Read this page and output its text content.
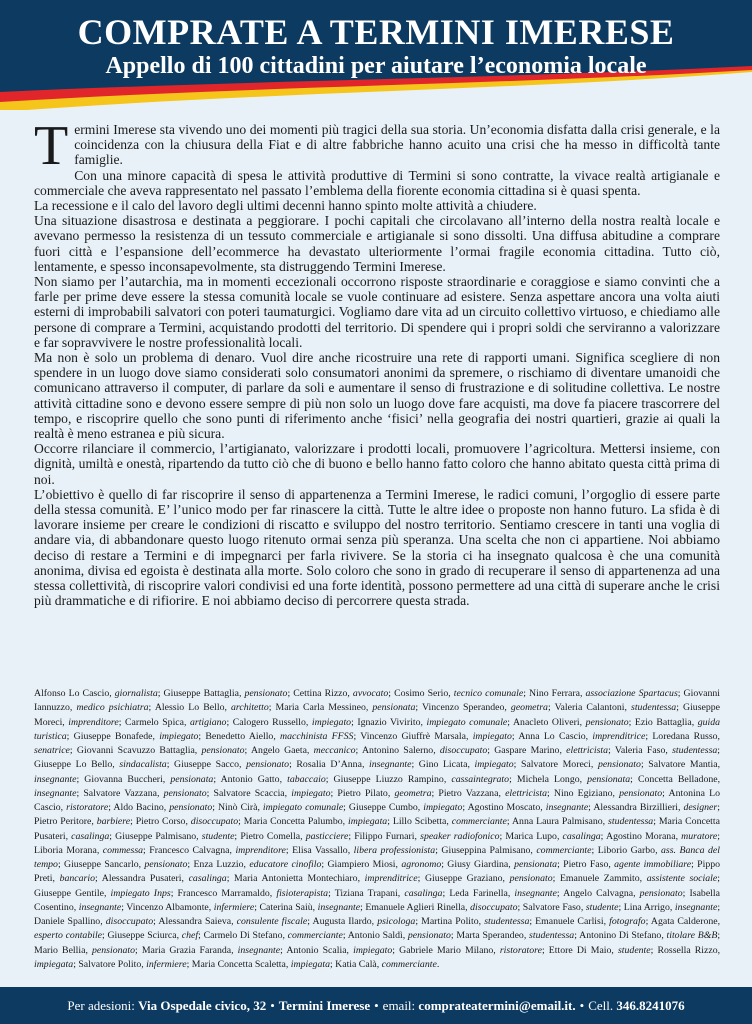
COMPRATE A TERMINI IMERESE
Appello di 100 cittadini per aiutare l’economia locale

Termini Imerese sta vivendo uno dei momenti più tragici della sua storia. Un’economia disfatta dalla crisi generale, e la coincidenza con la chiusura della Fiat e di altre fabbriche hanno acuito una crisi che ha messo in difficoltà tante famiglie.

Con una minore capacità di spesa le attività produttive di Termini si sono contratte, la vivace realtà artigianale e commerciale che aveva rappresentato nel passato l’emblema della fiorente economia cittadina si è quasi spenta.

La recessione e il calo del lavoro degli ultimi decenni hanno spinto molte attività a chiudere.

Una situazione disastrosa e destinata a peggiorare. I pochi capitali che circolavano all’interno della nostra realtà locale e avevano permesso la resistenza di un tessuto commerciale e artigianale si sono dissolti. Una diffusa abitudine a comprare fuori città e l’espansione dell’ecommerce ha devastato ulteriormente l’ormai fragile economia cittadina. Tutto ciò, lentamente, e spesso inconsapevolmente, sta distruggendo Termini Imerese.

Non siamo per l’autarchia, ma in momenti eccezionali occorrono risposte straordinarie e coraggiose e siamo convinti che a farle per prime deve essere la stessa comunità locale se vuole continuare ad esistere. Senza aspettare ancora una volta aiuti esterni di improbabili salvatori con poteri taumaturgici. Vogliamo dare vita ad un circuito collettivo virtuoso, e chiediamo alle persone di comprare a Termini, acquistando prodotti del territorio. Di spendere qui i propri soldi che serviranno a valorizzare e far sopravvivere le nostre professionalità locali.

Ma non è solo un problema di denaro. Vuol dire anche ricostruire una rete di rapporti umani. Significa scegliere di non spendere in un luogo dove siamo considerati solo consumatori anonimi da spremere, o rischiamo di diventare umanoidi che comunicano attraverso il computer, di parlare da soli e aumentare il senso di frustrazione e di solitudine collettiva. Le nostre attività cittadine sono e devono essere sempre di più non solo un luogo dove fare acquisti, ma dove fa piacere trascorrere del tempo, e riscoprire quello che sono punti di riferimento anche ‘fisici’ nella geografia dei nostri quartieri, grazie ai quali la realtà è meno estranea e più sicura.

Occorre rilanciare il commercio, l’artigianato, valorizzare i prodotti locali, promuovere l’agricoltura. Mettersi insieme, con dignità, umiltà e onestà, ripartendo da tutto ciò che di buono e bello hanno fatto coloro che hanno abitato questa città prima di noi.

L’obiettivo è quello di far riscoprire il senso di appartenenza a Termini Imerese, le radici comuni, l’orgoglio di essere parte della stessa comunità. E’ l’unico modo per far rinascere la città. Tutte le altre idee o proposte non hanno futuro. La sfida è di lavorare insieme per creare le condizioni di riscatto e sviluppo del nostro territorio. Sentiamo crescere in tanti una voglia di andare via, di abbandonare questo luogo ritenuto ormai senza più speranza. Una scelta che non ci appartiene. Noi abbiamo deciso di restare a Termini e di impegnarci per farla rivivere. Se la storia ci ha insegnato qualcosa è che una comunità anonima, divisa ed egoista è destinata alla morte. Solo coloro che sono in grado di recuperare il senso di appartenenza ad una stessa collettività, di riscoprire valori condivisi ed una forte identità, possono permettere ad una città di superare anche le crisi più drammatiche e di rifiorire. E noi abbiamo deciso di percorrere questa strada.

Alfonso Lo Cascio, giornalista; Giuseppe Battaglia, pensionato; Cettina Rizzo, avvocato; Cosimo Serio, tecnico comunale; Nino Ferrara, associazione Spartacus; Giovanni Iannuzzo, medico psichiatra; Alessio Lo Bello, architetto; Maria Carla Messineo, pensionata; Vincenzo Sperandeo, geometra; Valeria Calantoni, studentessa; Giuseppe Moreci, imprenditore; Carmelo Spica, artigiano; Calogero Russello, impiegato; Ignazio Vivirito, impiegato comunale; Anacleto Oliveri, pensionato; Ezio Battaglia, guida turistica; Giuseppe Bonafede, impiegato; Benedetto Aiello, macchinista FFSS; Vincenzo Giuffrè Marsala, impiegato; Anna Lo Cascio, imprenditrice; Loredana Russo, senatrice; Giovanni Scavuzzo Battaglia, pensionato; Angelo Gaeta, meccanico; Antonino Salerno, disoccupato; Gaspare Marino, elettricista; Valeria Faso, studentessa; Giuseppe Lo Bello, sindacalista; Giuseppe Sacco, pensionato; Rosalia D’Anna, insegnante; Gino Licata, impiegato; Salvatore Moreci, pensionato; Salvatore Mantia, insegnante; Giovanna Buccheri, pensionata; Antonio Gatto, tabaccaio; Giuseppe Liuzzo Rampino, cassaintegrato; Michela Longo, pensionata; Concetta Belladone, insegnante; Salvatore Vazzana, pensionato; Salvatore Scaccia, impiegato; Pietro Pilato, geometra; Pietro Vazzana, elettricista; Nino Egiziano, pensionato; Antonina Lo Cascio, ristoratore; Aldo Bacino, pensionato; Ninò Cirà, impiegato comunale; Giuseppe Cumbo, impiegato; Agostino Moscato, insegnante; Alessandra Birzillieri, designer; Pietro Peritore, barbiere; Pietro Corso, disoccupato; Maria Concetta Palumbo, impiegata; Lillo Scibetta, commerciante; Anna Laura Palmisano, studentessa; Maria Concetta Pusateri, casalinga; Giuseppe Palmisano, studente; Pietro Comella, pasticciere; Filippo Furnari, speaker radiofonico; Marica Lupo, casalinga; Agostino Morana, muratore; Liboria Morana, commessa; Francesco Calvagna, imprenditore; Elisa Vassallo, libera professionista; Giuseppina Palmisano, commerciante; Liborio Garbo, ass. Banca del tempo; Giuseppe Sancarlo, pensionato; Enza Luzzio, educatore cinofilo; Giampiero Miosi, agronomo; Giusy Giardina, pensionata; Pietro Faso, agente immobiliare; Pippo Preti, bancario; Alessandra Pusateri, casalinga; Maria Antonietta Montechiaro, imprenditrice; Giuseppe Graziano, pensionato; Emanuele Zammito, assistente sociale; Giuseppe Gentile, impiegato Inps; Francesco Marramaldo, fisioterapista; Tiziana Trapani, casalinga; Leda Farinella, insegnante; Angelo Calvagna, pensionato; Isabella Cosentino, insegnante; Vincenzo Albamonte, infermiere; Caterina Saiù, insegnante; Emanuele Aglieri Rinella, disoccupato; Salvatore Faso, studente; Lina Arrigo, insegnante; Daniele Spallino, disoccupato; Alessandra Saieva, consulente fiscale; Augusta Ilardo, psicologa; Martina Polito, studentessa; Emanuele Carlisi, fotografo; Agata Calderone, esperto contabile; Giuseppe Sciurca, chef; Carmelo Di Stefano, commerciante; Antonio Saldì, pensionato; Marta Sperandeo, studentessa; Antonino Di Stefano, titolare B&B; Mario Bellia, pensionato; Maria Grazia Faranda, insegnante; Antonio Scalia, impiegato; Gabriele Mario Milano, ristoratore; Ettore Di Maio, studente; Rossella Rizzo, impiegata; Salvatore Polito, infermiere; Maria Concetta Scaletta, impiegata; Katia Calà, commerciante.
Per adesioni:
Via Ospedale civico, 32 • Termini Imerese • email:
compratea​termini@email.it. • Cell.
346.8241076
